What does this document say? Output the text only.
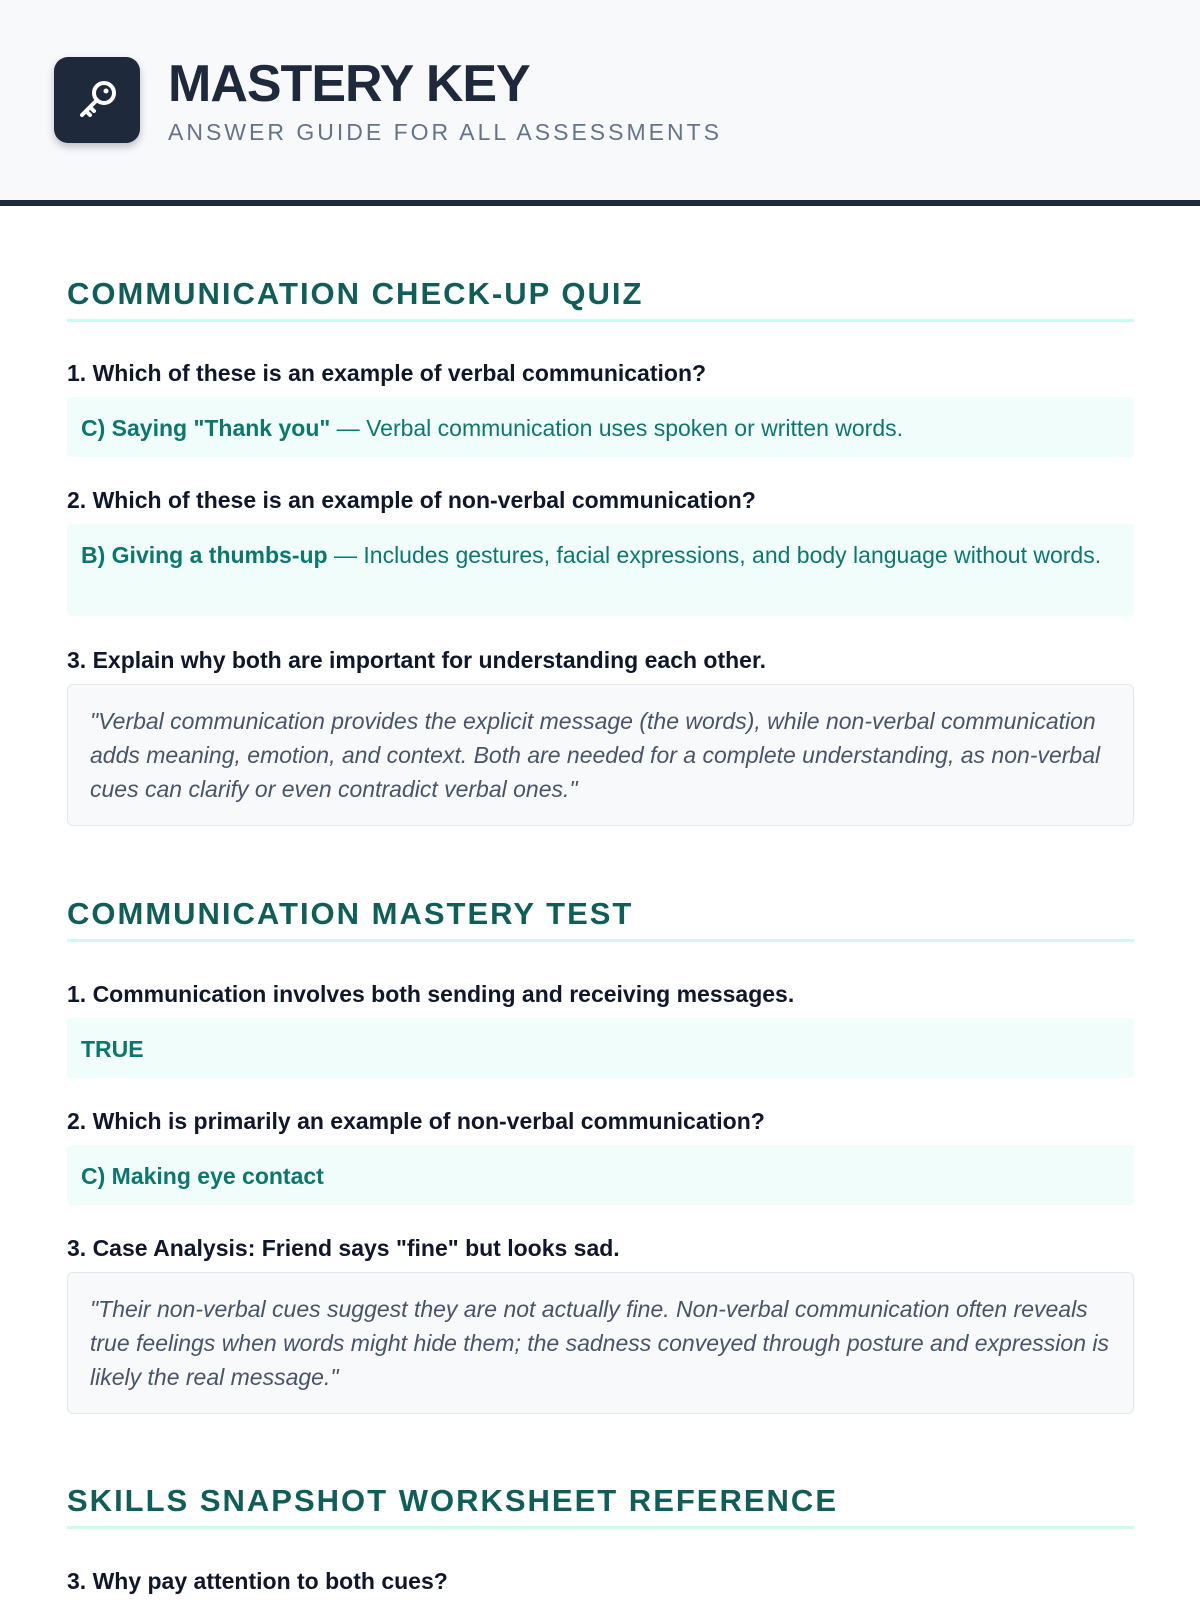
MASTERY KEY
ANSWER GUIDE FOR ALL ASSESSMENTS
COMMUNICATION CHECK-UP QUIZ
1. Which of these is an example of verbal communication?
C) Saying "Thank you" — Verbal communication uses spoken or written words.
2. Which of these is an example of non-verbal communication?
B) Giving a thumbs-up — Includes gestures, facial expressions, and body language without words.
3. Explain why both are important for understanding each other.
"Verbal communication provides the explicit message (the words), while non-verbal communication adds meaning, emotion, and context. Both are needed for a complete understanding, as non-verbal cues can clarify or even contradict verbal ones."
COMMUNICATION MASTERY TEST
1. Communication involves both sending and receiving messages.
TRUE
2. Which is primarily an example of non-verbal communication?
C) Making eye contact
3. Case Analysis: Friend says "fine" but looks sad.
"Their non-verbal cues suggest they are not actually fine. Non-verbal communication often reveals true feelings when words might hide them; the sadness conveyed through posture and expression is likely the real message."
SKILLS SNAPSHOT WORKSHEET REFERENCE
3. Why pay attention to both cues?
